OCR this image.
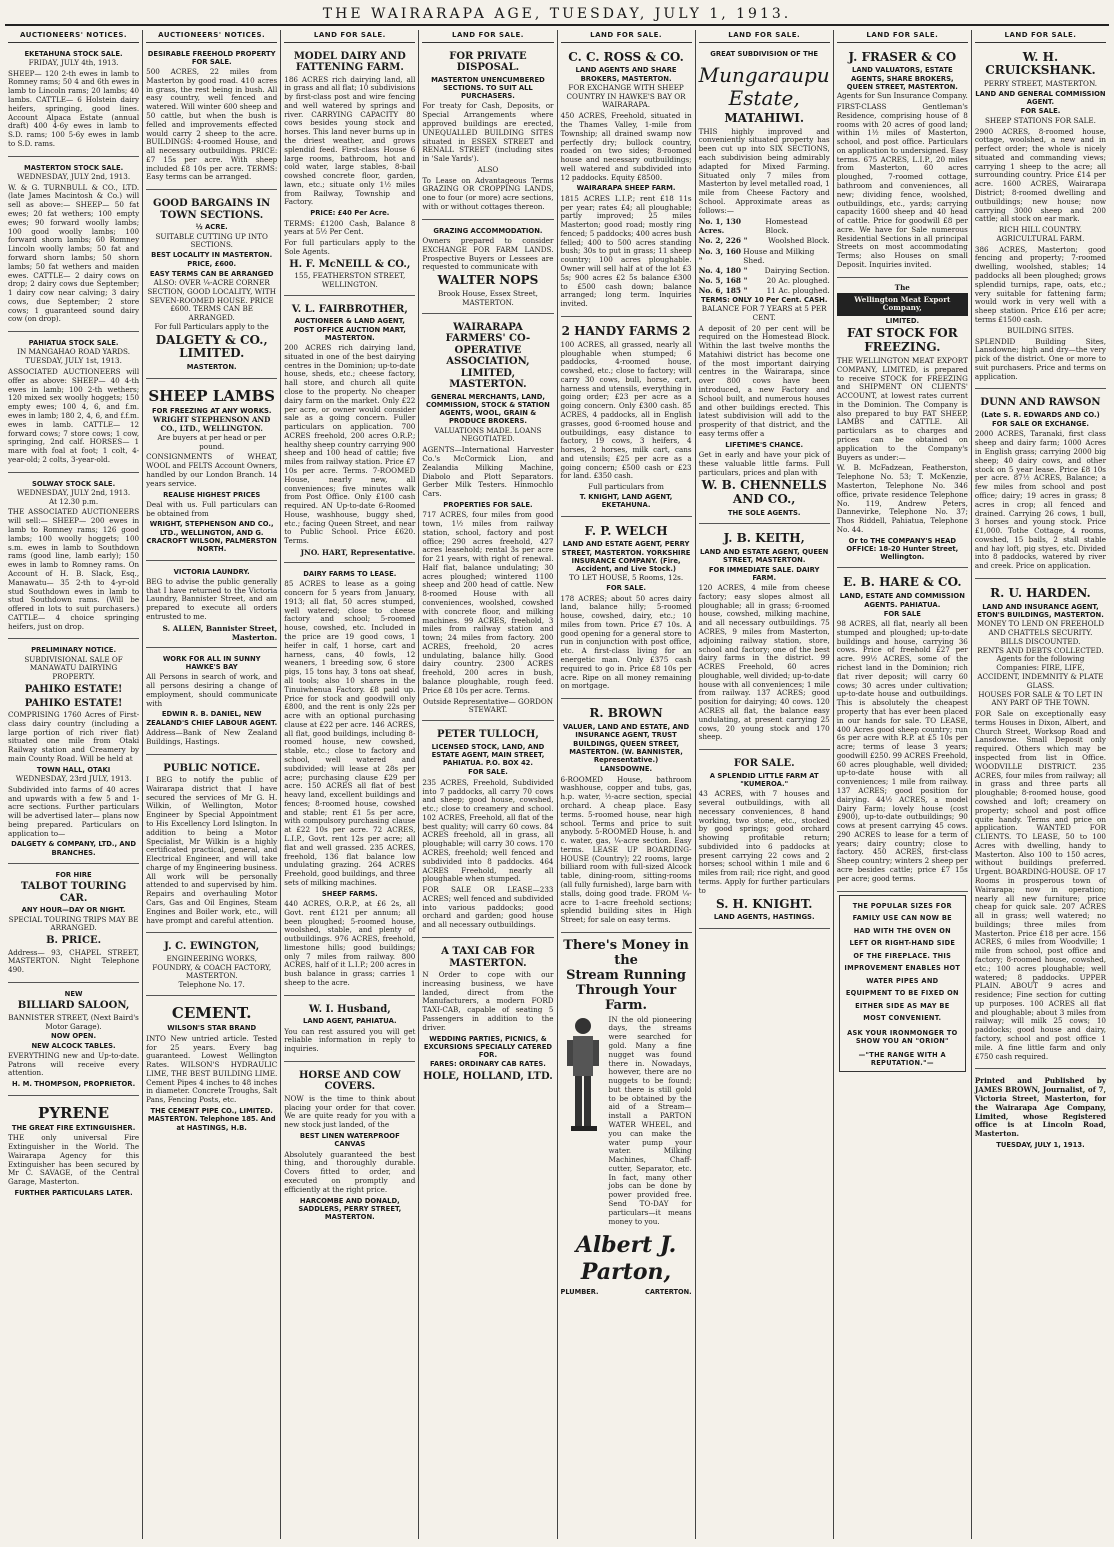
THE WAIRARAPA AGE, TUESDAY, JULY 1, 1913.
AUCTIONEERS' NOTICES.
EKETAHUNA STOCK SALE.
FRIDAY, JULY 4th, 1913.

SHEEP— 120 2-th ewes in lamb to Romney rams; 50 4 and 6th ewes in lamb to Lincoln rams; 20 lambs; 40 lambs. CATTLE— 6 Holstein dairy heifers, springing, good lines. Account Alpaca Estate (annual draft) 400 4-6y ewes in lamb to S.D. rams; 100 5-6y ewes in lamb to S.D. rams.

MASTERTON STOCK SALE.
WEDNESDAY, JULY 2nd, 1913.

W. & G. TURNBULL & CO., LTD. (late James Macintosh & Co.) will sell as above:— SHEEP— 50 fat ewes; 20 fat wethers; 100 empty ewes; 90 forward woolly lambs; 100 good woolly lambs; 100 forward shorn lambs; 60 Romney Lincoln woolly lambs; 50 fat and forward shorn lambs; 50 shorn lambs; 50 fat wethers and maiden ewes. CATTLE— 2 dairy cows on drop; 2 dairy cows due September; 1 dairy cow near calving; 3 dairy cows, due September; 2 store cows; 1 guaranteed sound dairy cow (on drop).

PAHIATUA STOCK SALE.
IN MANGAHAO ROAD YARDS.
TUESDAY, JULY 1st, 1913.

ASSOCIATED AUCTIONEERS will offer as above: SHEEP— 40 4-th ewes in lamb; 100 2-th wethers; 120 mixed sex woolly hoggets; 150 empty ewes; 100 4, 6, and f.m. ewes in lamb; 180 2, 4, 6, and f.f.m. ewes in lamb. CATTLE— 12 forward cows; 7 store cows; 1 cow, springing, 2nd calf. HORSES— 1 mare with foal at foot; 1 colt, 4-year-old; 2 colts, 3-year-old.

SOLWAY STOCK SALE.
WEDNESDAY, JULY 2nd, 1913.
At 12.30 p.m.

THE ASSOCIATED AUCTIONEERS will sell:— SHEEP— 200 ewes in lamb to Romney rams; 126 good lambs; 100 woolly hoggets; 100 s.m. ewes in lamb to Southdown rams (good line, lamb early); 150 ewes in lamb to Romney rams. On Account of H. B. Slack, Esq., Manawatu— 35 2-th to 4-yr-old stud Southdown ewes in lamb to stud Southdown rams. (Will be offered in lots to suit purchasers.) CATTLE— 4 choice springing heifers, just on drop.

PRELIMINARY NOTICE.
SUBDIVISIONAL SALE OF MANAWATU DAIRYING PROPERTY.
PAHIKO ESTATE!
PAHIKO ESTATE!

COMPRISING 1760 Acres of First-class dairy country (including a large portion of rich river flat) situated one mile from Otaki Railway station and Creamery by main County Road. Will be held at

TOWN HALL, OTAKI
WEDNESDAY, 23rd JULY, 1913.

Subdivided into farms of 40 acres and upwards with a few 5 and 1-acre sections. Further particulars will be advertised later— plans now being prepared. Particulars on application to—

DALGETY & COMPANY, LTD., AND BRANCHES.
FOR HIRE
TALBOT TOURING CAR.
ANY HOUR—DAY OR NIGHT.
SPECIAL TOURING TRIPS MAY BE ARRANGED.
B. PRICE.

Address— 93, CHAPEL STREET, MASTERTON. Night Telephone 490.

NEW
BILLIARD SALOON,
BANNISTER STREET, (Next Baird's Motor Garage).
NOW OPEN.
NEW ALCOCK TABLES.

EVERYTHING new and Up-to-date. Patrons will receive every attention.

H. M. THOMPSON, PROPRIETOR.
PYRENE
THE GREAT FIRE EXTINGUISHER.

THE only universal Fire Extinguisher in the World. The Wairarapa Agency for this Extinguisher has been secured by Mr C. SAVAGE, of the Central Garage, Masterton.

FURTHER PARTICULARS LATER.
AUCTIONEERS' NOTICES.
DESIRABLE FREEHOLD PROPERTY FOR SALE.

500 ACRES, 22 miles from Masterton by good road. 410 acres in grass, the rest being in bush. All easy country, well fenced and watered. Will winter 600 sheep and 50 cattle, but when the bush is felled and improvements effected would carry 2 sheep to the acre. BUILDINGS: 4-roomed House, and all necessary outbuildings. PRICE: £7 15s per acre. With sheep included £8 10s per acre. TERMS: Easy terms can be arranged.

GOOD BARGAINS IN TOWN SECTIONS.
½ ACRE.
SUITABLE CUTTING UP INTO SECTIONS.
BEST LOCALITY IN MASTERTON.
PRICE, £600.
EASY TERMS CAN BE ARRANGED
ALSO: OVER ¼-ACRE CORNER SECTION, GOOD LOCALITY, WITH SEVEN-ROOMED HOUSE. PRICE £600. TERMS CAN BE ARRANGED.
For full Particulars apply to the
DALGETY & CO., LIMITED.
MASTERTON.
SHEEP LAMBS
FOR FREEZING AT ANY WORKS.
WRIGHT STEPHENSON AND CO., LTD., WELLINGTON.
Are buyers at per head or per pound.

CONSIGNMENTS of WHEAT, WOOL and FELTS Account Owners, handled by our London Branch. 14 years service.

REALISE HIGHEST PRICES

Deal with us. Full particulars can be obtained from

WRIGHT, STEPHENSON AND CO., LTD., WELLINGTON, AND G. CRACROFT WILSON, PALMERSTON NORTH.
VICTORIA LAUNDRY.

BEG to advise the public generally that I have returned to the Victoria Laundry, Bannister Street, and am prepared to execute all orders entrusted to me.

S. ALLEN, Bannister Street, Masterton.
WORK FOR ALL IN SUNNY HAWKE'S BAY

All Persons in search of work, and all persons desiring a change of employment, should communicate with

EDWIN R. B. DANIEL, NEW ZEALAND'S CHIEF LABOUR AGENT.

Address—Bank of New Zealand Buildings, Hastings.

PUBLIC NOTICE.

I BEG to notify the public of Wairarapa district that I have secured the services of Mr G. H. Wilkin, of Wellington, Motor Engineer by Special Appointment to His Excellency Lord Islington. In addition to being a Motor Specialist, Mr Wilkin is a highly certificated practical, general, and Electrical Engineer, and will take charge of my Engineering business. All work will be personally attended to and supervised by him. Repairs and overhauling Motor Cars, Gas and Oil Engines, Steam Engines and Boiler work, etc., will have prompt and careful attention.

J. C. EWINGTON,
ENGINEERING WORKS, FOUNDRY, & COACH FACTORY, MASTERTON.
Telephone No. 17.
CEMENT.
WILSON'S STAR BRAND

INTO New untried article. Tested for 25 years. Every bag guaranteed. Lowest Wellington Rates. WILSON'S HYDRAULIC LIME, THE BEST BUILDING LIME. Cement Pipes 4 inches to 48 inches in diameter. Concrete Troughs, Salt Pans, Fencing Posts, etc.

THE CEMENT PIPE CO., LIMITED. MASTERTON. Telephone 185. And at HASTINGS, H.B.
LAND FOR SALE.
MODEL DAIRY AND FATTENING FARM.

186 ACRES rich dairying land, all in grass and all flat; 10 subdivisions by first-class post and wire fencing and well watered by springs and river. CARRYING CAPACITY 80 cows besides young stock and horses. This land never burns up in the driest weather, and grows splendid feed. First-class House 6 large rooms, bathroom, hot and cold water, large stables, 8-bail cowshed concrete floor, garden, lawn, etc.; situate only 1½ miles from Railway, Township and Factory.

PRICE: £40 Per Acre.

TERMS: £1200 Cash, Balance 8 years at 5½ Per Cent.

For full particulars apply to the Sole Agents.

H. F. McNEILL & CO.,
155, FEATHERSTON STREET, WELLINGTON.
V. L. FAIRBROTHER,
AUCTIONEER & LAND AGENT, POST OFFICE AUCTION MART, MASTERTON.

200 ACRES rich dairying land, situated in one of the best dairying centres in the Dominion; up-to-date house, sheds, etc.; cheese factory, hall store, and church all quite close to the property. No cheaper dairy farm on the market. Only £22 per acre, or owner would consider sale as a going concern. Fuller particulars on application. 700 ACRES freehold, 200 acres O.R.P.; healthy sheep country carrying 900 sheep and 100 head of cattle; five miles from railway station. Price £7 10s per acre. Terms. 7-ROOMED House, nearly new, all conveniences; five minutes walk from Post Office. Only £100 cash required. AN Up-to-date 6-Roomed House, washhouse, buggy shed, etc.; facing Queen Street, and near to Public School. Price £620. Terms.

JNO. HART, Representative.
DAIRY FARMS TO LEASE.

85 ACRES to lease as a going concern for 5 years from January, 1913; all flat, 50 acres stumped, well watered; close to cheese factory and school; 5-roomed house, cowshed, etc. Included in the price are 19 good cows, 1 heifer in calf, 1 horse, cart and harness, cans, 40 fowls, 12 weaners, 1 breeding sow, 6 store pigs, 15 tons hay, 3 tons oat sheaf, all tools; also 10 shares in the Tinuiwhenua Factory. £8 paid up. Price for stock and goodwill only £800, and the rent is only 22s per acre with an optional purchasing clause at £22 per acre. 146 ACRES, all flat, good buildings, including 8-roomed house, new cowshed, stable, etc.; close to factory and school, well watered and subdivided; will lease at 28s per acre; purchasing clause £29 per acre. 150 ACRES all flat of best heavy land, excellent buildings and fences; 8-roomed house, cowshed and stable; rent £1 5s per acre, with compulsory purchasing clause at £22 10s per acre. 72 ACRES, L.I.P., Govt. rent 12s per acre; all flat and well grassed. 235 ACRES, freehold, 136 flat balance low undulating grazing. 264 ACRES Freehold, good buildings, and three sets of milking machines.

SHEEP FARMS.

440 ACRES, O.R.P., at £6 2s, all Govt. rent £121 per annum; all been ploughed; 5-roomed house, woolshed, stable, and plenty of outbuildings. 976 ACRES, freehold, limestone hills; good buildings; only 7 miles from railway. 800 ACRES, half of it L.I.P.; 200 acres in bush balance in grass; carries 1 sheep to the acre.

W. I. Husband,
LAND AGENT, PAHIATUA.

You can rest assured you will get reliable information in reply to inquiries.

HORSE AND COW COVERS.

NOW is the time to think about placing your order for that cover. We are quite ready for you with a new stock just landed, of the

BEST LINEN WATERPROOF CANVAS

Absolutely guaranteed the best thing, and thoroughly durable. Covers fitted to order, and executed on promptly and efficiently at the right price.

HARCOMBE AND DONALD, SADDLERS, PERRY STREET, MASTERTON.
LAND FOR SALE.
FOR PRIVATE DISPOSAL.
MASTERTON UNENCUMBERED SECTIONS. TO SUIT ALL PURCHASERS.

For treaty for Cash, Deposits, or Special Arrangements where approved buildings are erected, UNEQUALLED BUILDING SITES situated in ESSEX STREET and RENALL STREET (including sites in 'Sale Yards').

ALSO

To Lease on Advantageous Terms GRAZING OR CROPPING LANDS, one to four (or more) acre sections, with or without cottages thereon.

GRAZING ACCOMMODATION.

Owners prepared to consider EXCHANGE FOR FARM LANDS. Prospective Buyers or Lessees are requested to communicate with

WALTER NOPS
Brook House, Essex Street, MASTERTON.
WAIRARAPA FARMERS' CO-OPERATIVE ASSOCIATION, LIMITED, MASTERTON.
GENERAL MERCHANTS, LAND, COMMISSION, STOCK & STATION AGENTS, WOOL, GRAIN & PRODUCE BROKERS.
VALUATIONS MADE. LOANS NEGOTIATED.

AGENTS—International Harvester Co.'s McCormick Lion, and Zealandia Milking Machine, Diabolo and Plott Separators. Gerber Milk Testers. Hinmochlo Cars.

PROPERTIES FOR SALE.

717 ACRES, four miles from good town, 1½ miles from railway station, school, factory and post office; 290 acres freehold, 427 acres leasehold; rental 3s per acre for 21 years, with right of renewal. Half flat, balance undulating; 30 acres ploughed; wintered 1100 sheep and 200 head of cattle. New 8-roomed House with all conveniences, woolshed, cowshed with concrete floor, and milking machines. 99 ACRES, freehold, 3 miles from railway station and town; 24 miles from factory. 200 ACRES, freehold, 20 acres undulating, balance hilly. Good dairy country. 2300 ACRES freehold, 200 acres in bush, balance ploughable, rough feed. Price £8 10s per acre. Terms.

Outside Representative— GORDON STEWART.
PETER TULLOCH,
LICENSED STOCK, LAND, AND ESTATE AGENT, MAIN STREET, PAHIATUA. P.O. BOX 42.
FOR SALE.

235 ACRES, Freehold, Subdivided into 7 paddocks, all carry 70 cows and sheep; good house, cowshed, etc.; close to creamery and school. 102 ACRES, Freehold, all flat of the best quality; will carry 60 cows. 84 ACRES freehold, all in grass, all ploughable; will carry 30 cows. 170 ACRES, freehold; well fenced and subdivided into 8 paddocks. 464 ACRES Freehold, nearly all ploughable when stumped.

FOR SALE OR LEASE—233 ACRES; well fenced and subdivided into various paddocks; good orchard and garden; good house and all necessary outbuildings.

A TAXI CAB FOR MASTERTON.

N Order to cope with our increasing business, we have landed, direct from the Manufacturers, a modern FORD TAXI-CAB, capable of seating 5 Passengers in addition to the driver.

WEDDING PARTIES, PICNICS, & EXCURSIONS SPECIALLY CATERED FOR.
FARES: ORDINARY CAB RATES.
HOLE, HOLLAND, LTD.
LAND FOR SALE.
C. C. ROSS & CO.
LAND AGENTS AND SHARE BROKERS, MASTERTON.
FOR EXCHANGE WITH SHEEP COUNTRY IN HAWKE'S BAY OR WAIRARAPA.

450 ACRES, Freehold, situated in the Thames Valley, 1-mile from Township; all drained swamp now perfectly dry; bullock country, roaded on two sides; 8-roomed house and necessary outbuildings; well watered and subdivided into 12 paddocks. Equity £8500.

WAIRARAPA SHEEP FARM.

1815 ACRES L.I.P.; rent £18 11s per year; rates £4; all ploughable; partly improved; 25 miles Masterton; good road; mostly ring fenced; 5 paddocks; 400 acres bush felled; 400 to 500 acres standing bush; 30s to put in grass; 11 sheep country; 100 acres ploughable. Owner will sell half at of the lot £3 5s; 900 acres £2 5s balance £300 to £500 cash down; balance arranged; long term. Inquiries invited.

2 HANDY FARMS 2

100 ACRES, all grassed, nearly all ploughable when stumped; 6 paddocks, 4-roomed house, cowshed, etc.; close to factory; will carry 30 cows, bull, horse, cart, harness and utensils, everything in going order; £23 per acre as a going concern. Only £300 cash. 85 ACRES, 4 paddocks, all in English grasses, good 6-roomed house and outbuildings, easy distance to factory, 19 cows, 3 heifers, 4 horses, 2 horses, milk cart, cans and utensils; £25 per acre as a going concern; £500 cash or £23 for land. £350 cash.

Full particulars from
T. KNIGHT, LAND AGENT, EKETAHUNA.
F. P. WELCH
LAND AND ESTATE AGENT, PERRY STREET, MASTERTON. YORKSHIRE INSURANCE COMPANY. (Fire, Accident, and Live Stock.)
TO LET HOUSE, 5 Rooms, 12s.
FOR SALE.

178 ACRES; about 50 acres dairy land, balance hilly; 5-roomed house, cowshed, dairy, etc.; 10 miles from town. Price £7 10s. A good opening for a general store to run in conjunction with post office, etc. A first-class living for an energetic man. Only £375 cash required to go in. Price £8 10s per acre. Ripe on all money remaining on mortgage.

R. BROWN
VALUER, LAND AND ESTATE, AND INSURANCE AGENT, TRUST BUILDINGS, QUEEN STREET, MASTERTON. (W. BANNISTER, Representative.)
LANSDOWNE.

6-ROOMED House, bathroom washhouse, copper and tubs, gas, h.p. water, ½-acre section, special orchard. A cheap place. Easy terms. 5-roomed house, near high school. Terms and price to suit anybody. 5-ROOMED House, h. and c. water, gas, ¼-acre section. Easy terms. LEASE UP BOARDING-HOUSE (Country); 22 rooms, large billiard room with full-sized Alcock table, dining-room, sitting-rooms (all fully furnished), large barn with stalls, doing good trade. FROM ¼-acre to 1-acre freehold sections; splendid building sites in High Street; for sale on easy terms.

There's Money in the
Stream Running
Through Your Farm.

IN the old pioneering days, the streams were searched for gold. Many a fine nugget was found there in. Nowadays, however, there are no nuggets to be found; but there is still gold to be obtained by the aid of a Stream—install a PARTON WATER WHEEL, and you can make the water pump your water. Milking Machines, Chaff-cutter, Separator, etc. In fact, many other jobs can be done by power provided free. Send TO-DAY for particulars—it means money to you.

Albert J. Parton,
PLUMBER.	CARTERTON.
LAND FOR SALE.
GREAT SUBDIVISION OF THE
Mungaraupu Estate,
MATAHIWI.

THIS highly improved and conveniently situated property has been cut up into SIX SECTIONS, each subdivision being admirably adapted for Mixed Farming. Situated only 7 miles from Masterton by level metalled road, 1 mile from Cheese Factory and School. Approximate areas as follows:—

No. 1, 130 Acres.
Homestead Block.
No. 2, 226 "	Woolshed Block.
No. 3, 160 "
House and Milking Shed.
No. 4, 180 " Dairying Section.
No. 5, 168 "	20 Ac. ploughed.
No. 6, 185 "	11 Ac. ploughed.
TERMS: ONLY 10 Per Cent. CASH.
BALANCE FOR 7 YEARS at 5 PER CENT.

A deposit of 20 per cent will be required on the Homestead Block. Within the last twelve months the Matahiwi district has become one of the most important dairying centres in the Wairarapa, since over 800 cows have been introduced, a new Factory and School built, and numerous houses and other buildings erected. This latest subdivision will add to the prosperity of that district, and the easy terms offer a

LIFETIME'S CHANCE.

Get in early and have your pick of these valuable little farms. Full particulars, prices and plan with

W. B. CHENNELLS AND CO.,
THE SOLE AGENTS.
J. B. KEITH,
LAND AND ESTATE AGENT, QUEEN STREET, MASTERTON.
FOR IMMEDIATE SALE. DAIRY FARM.

120 ACRES, 4 mile from cheese factory; easy slopes almost all ploughable; all in grass; 6-roomed house, cowshed, milking machine, and all necessary outbuildings. 75 ACRES, 9 miles from Masterton, adjoining railway station, store, school and factory; one of the best dairy farms in the district. 99 ACRES Freehold, 60 acres ploughable, well divided; up-to-date house with all conveniences; 1 mile from railway. 137 ACRES; good position for dairying; 40 cows. 120 ACRES all flat, the balance easy undulating, at present carrying 25 cows, 20 young stock and 170 sheep.

FOR SALE.
A SPLENDID LITTLE FARM AT "KUMEROA."

43 ACRES, with 7 houses and several outbuildings, with all necessary conveniences, 8 hand working, two stone, etc., stocked by good springs; good orchard showing profitable return; subdivided into 6 paddocks at present carrying 22 cows and 2 horses; school within 1 mile and 6 miles from rail; rice right, and good terms. Apply for further particulars to

S. H. KNIGHT.
LAND AGENTS, HASTINGS.
LAND FOR SALE.
J. FRASER & CO
LAND VALUATORS, ESTATE AGENTS, SHARE BROKERS, QUEEN STREET, MASTERTON.
Agents for Sun Insurance Company.

FIRST-CLASS Gentleman's Residence, comprising house of 8 rooms with 20 acres of good land; within 1½ miles of Masterton, school, and post office. Particulars on application to undersigned. Easy terms. 675 ACRES, L.I.P., 20 miles from Masterton, 60 acres ploughed, 7-roomed cottage, bathroom and conveniences, all new; dividing fence, woolshed, outbuildings, etc., yards; carrying capacity 1600 sheep and 40 head of cattle. Price for goodwill £8 per acre. We have for Sale numerous Residential Sections in all principal Streets on most accommodating Terms; also Houses on small Deposit. Inquiries invited.

The
Wellington Meat Export Company,
LIMITED.
FAT STOCK FOR FREEZING.

THE WELLINGTON MEAT EXPORT COMPANY, LIMITED, is prepared to receive STOCK for FREEZING and SHIPMENT ON CLIENTS' ACCOUNT, at lowest rates current in the Dominion. The Company is also prepared to buy FAT SHEEP, LAMBS and CATTLE. All particulars as to charges and prices can be obtained on application to the Company's Buyers as under:—

W. B. McFadzean, Featherston, Telephone No. 53; T. McKenzie, Masterton, Telephone No. 346 office, private residence Telephone No. 119, Andrew Peters, Dannevirke, Telephone No. 37; Thos Riddell, Pahiatua, Telephone No. 44.

Or to THE COMPANY'S HEAD OFFICE: 18-20 Hunter Street, Wellington.
E. B. HARE & CO.
LAND, ESTATE AND COMMISSION AGENTS. PAHIATUA.
FOR SALE

98 ACRES, all flat, nearly all been stumped and ploughed; up-to-date buildings and house, carrying 36 cows. Price of freehold £27 per acre. 99½ ACRES, some of the richest land in the Dominion; rich flat river deposit; will carry 60 cows; 30 acres under cultivation; up-to-date house and outbuildings. This is absolutely the cheapest property that has ever been placed in our hands for sale. TO LEASE, 400 Acres good sheep country; run 6s per acre with R.P. at £5 10s per acre; terms of lease 3 years; goodwill £250. 99 ACRES Freehold, 60 acres ploughable, well divided; up-to-date house with all conveniences; 1 mile from railway. 137 ACRES; good position for dairying. 44½ ACRES, a model Dairy Farm; lovely house (cost £900), up-to-date outbuildings; 90 cows at present carrying 45 cows. 290 ACRES to lease for a term of years; dairy country; close to factory. 450 ACRES, first-class Sheep country; winters 2 sheep per acre besides cattle; price £7 15s per acre; good terms.

THE POPULAR SIZES FOR FAMILY USE CAN NOW BE HAD WITH THE OVEN ON LEFT OR RIGHT-HAND SIDE OF THE FIREPLACE. THIS IMPROVEMENT ENABLES HOT WATER PIPES AND EQUIPMENT TO BE FIXED ON EITHER SIDE AS MAY BE MOST CONVENIENT.
ASK YOUR IRONMONGER TO SHOW YOU AN "ORION"
—"THE RANGE WITH A REPUTATION."—
LAND FOR SALE.
W. H. CRUICKSHANK.
PERRY STREET, MASTERTON.
LAND AND GENERAL COMMISSION AGENT.
FOR SALE.
SHEEP STATIONS FOR SALE.

2900 ACRES, 8-roomed house, cottage, woolshed, a new and in perfect order; the whole is nicely situated and commanding views; carrying 1 sheep to the acre; all surrounding country. Price £14 per acre. 1600 ACRES, Wairarapa District; 8-roomed dwelling and outbuildings; new house; now carrying 3000 sheep and 200 cattle; all stock on ear mark.

RICH HILL COUNTRY.
AGRICULTURAL FARM.

386 ACRES, Masterton; good fencing and property; 7-roomed dwelling, woolshed, stables; 14 paddocks all been ploughed; grows splendid turnips, rape, oats, etc.; very suitable for fattening farm; would work in very well with a sheep station. Price £16 per acre; terms £1500 cash.

BUILDING SITES.

SPLENDID Building Sites, Lansdowne; high and dry—the very pick of the district. One or more to suit purchasers. Price and terms on application.

DUNN AND RAWSON
(Late S. R. EDWARDS AND CO.)
FOR SALE OR EXCHANGE.

2000 ACRES, Taranaki, first class sheep and dairy farm; 1000 Acres in English grass; carrying 2000 big sheep; 40 dairy cows, and other stock on 5 year lease. Price £8 10s per acre. 87½ ACRES, Balance; a few miles from school and post office; dairy; 19 acres in grass; 8 acres in crop; all fenced and drained. Carrying 26 cows, 1 bull, 3 horses and young stock. Price £1,000. Tothe Cottage, 4 rooms, cowshed, 15 bails, 2 stall stable and hay loft, pig styes, etc. Divided into 8 paddocks, watered by river and creek. Price on application.

R. U. HARDEN.
LAND AND INSURANCE AGENT, ETON'S BUILDINGS, MASTERTON.
MONEY TO LEND ON FREEHOLD AND CHATTELS SECURITY.
BILLS DISCOUNTED.
RENTS AND DEBTS COLLECTED.
Agents for the following Companies: FIRE, LIFE, ACCIDENT, INDEMNITY & PLATE GLASS.
HOUSES FOR SALE & TO LET IN ANY PART OF THE TOWN.

FOR Sale on exceptionally easy terms Houses in Dixon, Albert, and Church Street, Worksop Road and Lansdowne. Small Deposit only required. Others which may be inspected from list in Office. WOODVILLE DISTRICT. 235 ACRES, four miles from railway; all in grass and three parts all ploughable; 8-roomed house, good cowshed and loft; creamery on property; school and post office quite handy. Terms and price on application. WANTED FOR CLIENTS. TO LEASE, 50 to 100 Acres with dwelling, handy to Masterton. Also 100 to 150 acres, without buildings preferred. Urgent. BOARDING-HOUSE. OF 17 Rooms in prosperous town of Wairarapa; now in operation; nearly all new furniture; price cheap for quick sale. 207 ACRES all in grass; well watered; no buildings; three miles from Masterton. Price £18 per acre. 156 ACRES, 6 miles from Woodville; 1 mile from school, post office and factory; 8-roomed house, cowshed, etc.; 100 acres ploughable; well watered; 8 paddocks. UPPER PLAIN. ABOUT 9 acres and residence; Fine section for cutting up purposes. 100 ACRES all flat and ploughable; about 3 miles from railway; will milk 25 cows; 10 paddocks; good house and dairy, factory, school and post office 1 mile. A fine little farm and only £750 cash required.

Printed and Published by JAMES BROWN, Journalist, of 7, Victoria Street, Masterton, for the Wairarapa Age Company, Limited, whose Registered office is at Lincoln Road, Masterton.

TUESDAY, JULY 1, 1913.
